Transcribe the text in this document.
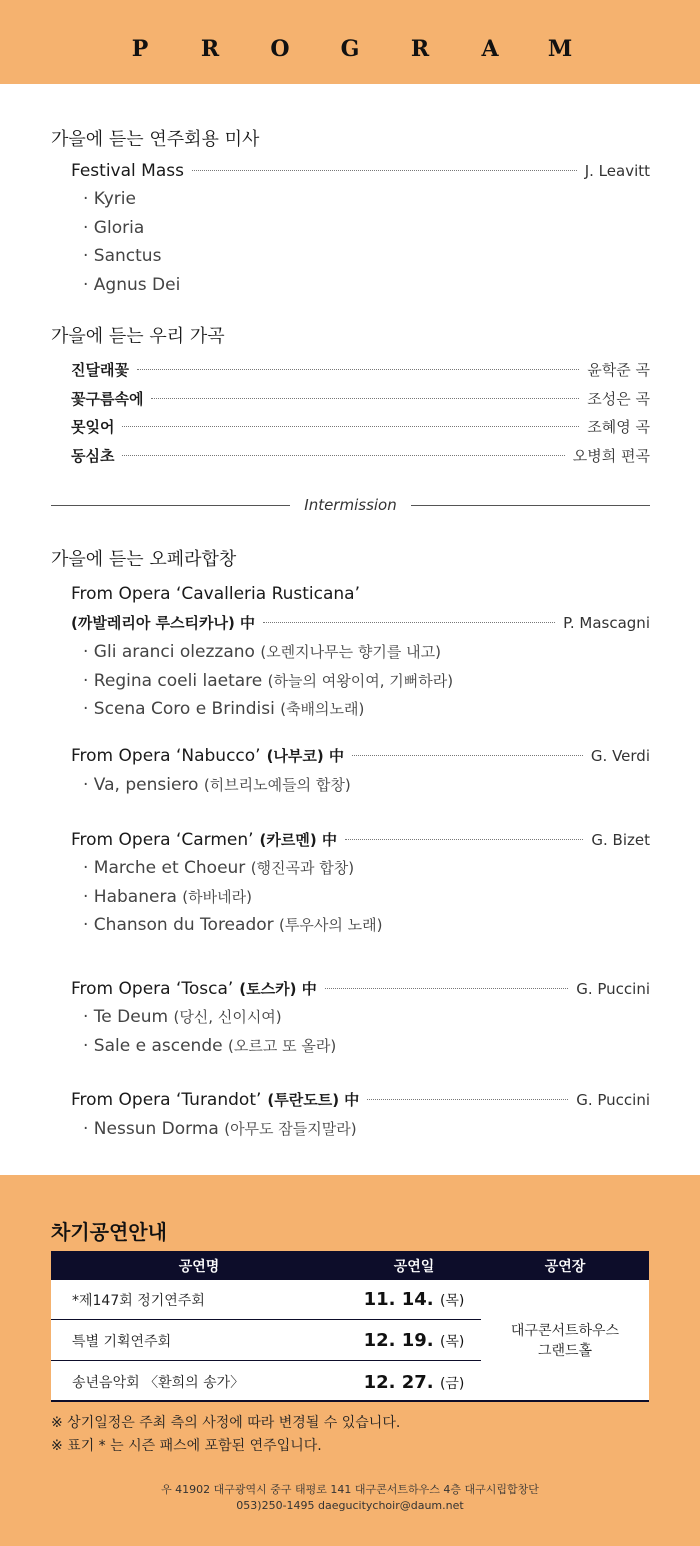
P	R	O	G	R	A	M
가을에 듣는 연주회용 미사
Festival Mass	J. Leavitt
· Kyrie
· Gloria
· Sanctus
· Agnus Dei
가을에 듣는 우리 가곡
진달래꽃	윤학준 곡
꽃구름속에	조성은 곡
못잊어	조혜영 곡
동심초	오병희 편곡
Intermission
가을에 듣는 오페라합창
From Opera ‘Cavalleria Rusticana’
(까발레리아 루스티카나) 中	P. Mascagni
· Gli aranci olezzano (오렌지나무는 향기를 내고)
· Regina coeli laetare (하늘의 여왕이여, 기뻐하라)
· Scena Coro e Brindisi (축배의노래)
From Opera ‘Nabucco’ (나부코) 中	G. Verdi
· Va, pensiero (히브리노예들의 합창)
From Opera ‘Carmen’ (카르멘) 中	G. Bizet
· Marche et Choeur (행진곡과 합창)
· Habanera (하바네라)
· Chanson du Toreador (투우사의 노래)
From Opera ‘Tosca’ (토스카) 中	G. Puccini
· Te Deum (당신, 신이시여)
· Sale e ascende (오르고 또 올라)
From Opera ‘Turandot’ (투란도트) 中	G. Puccini
· Nessun Dorma (아무도 잠들지말라)
차기공연안내
공연명	공연일	공연장
*제147회 정기연주회	11. 14. (목)
특별 기획연주회	12. 19. (목)
송년음악회 〈환희의 송가〉	12. 27. (금)
대구콘서트하우스
그랜드홀
※ 상기일정은 주최 측의 사정에 따라 변경될 수 있습니다.
※ 표기 * 는 시즌 패스에 포함된 연주입니다.
우 41902 대구광역시 중구 태평로 141 대구콘서트하우스 4층 대구시립합창단
053)250-1495 daegucitychoir@daum.net
